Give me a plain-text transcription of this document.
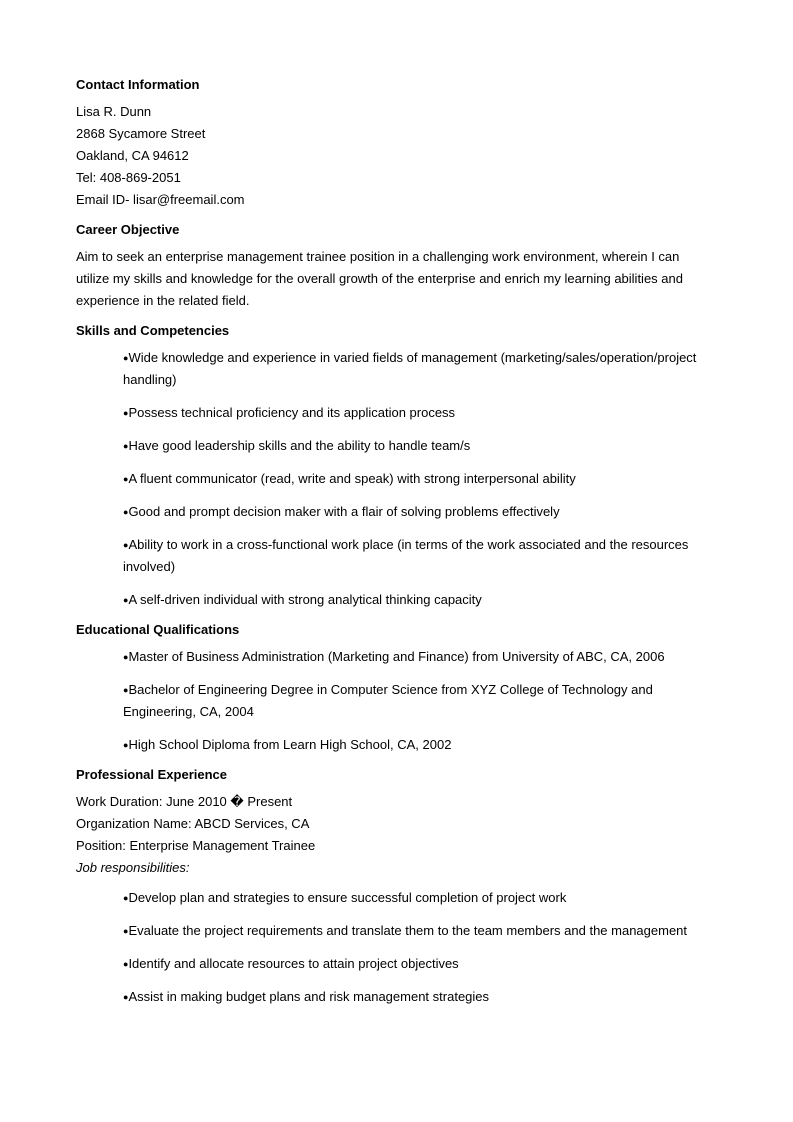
Contact Information

Lisa R. Dunn

2868 Sycamore Street

Oakland, CA 94612

Tel: 408-869-2051

Email ID- lisar@freemail.com

Career Objective

Aim to seek an enterprise management trainee position in a challenging work environment, wherein I can utilize my skills and knowledge for the overall growth of the enterprise and enrich my learning abilities and experience in the related field.

Skills and Competencies

●Wide knowledge and experience in varied fields of management (marketing/sales/operation/project handling)
●Possess technical proficiency and its application process
●Have good leadership skills and the ability to handle team/s
●A fluent communicator (read, write and speak) with strong interpersonal ability
●Good and prompt decision maker with a flair of solving problems effectively
●Ability to work in a cross-functional work place (in terms of the work associated and the resources involved)
●A self-driven individual with strong analytical thinking capacity

Educational Qualifications

●Master of Business Administration (Marketing and Finance) from University of ABC, CA, 2006
●Bachelor of Engineering Degree in Computer Science from XYZ College of Technology and Engineering, CA, 2004
●High School Diploma from Learn High School, CA, 2002

Professional Experience

Work Duration: June 2010 � Present

Organization Name: ABCD Services, CA

Position: Enterprise Management Trainee

Job responsibilities:

●Develop plan and strategies to ensure successful completion of project work
●Evaluate the project requirements and translate them to the team members and the management
●Identify and allocate resources to attain project objectives
●Assist in making budget plans and risk management strategies
